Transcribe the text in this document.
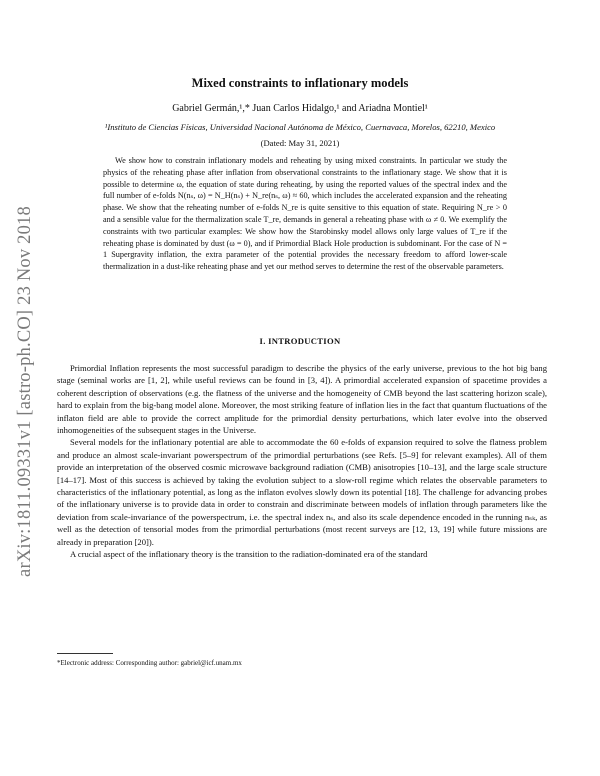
arXiv:1811.09331v1 [astro-ph.CO] 23 Nov 2018
Mixed constraints to inflationary models
Gabriel Germán,¹,* Juan Carlos Hidalgo,¹ and Ariadna Montiel¹
¹Instituto de Ciencias Físicas, Universidad Nacional Autónoma de México, Cuernavaca, Morelos, 62210, Mexico
(Dated: May 31, 2021)

We show how to constrain inflationary models and reheating by using mixed constraints. In particular we study the physics of the reheating phase after inflation from observational constraints to the inflationary stage. We show that it is possible to determine ω, the equation of state during reheating, by using the reported values of the spectral index and the full number of e-folds N(nₛ, ω) = N_H(nₛ) + N_re(nₛ, ω) ≈ 60, which includes the accelerated expansion and the reheating phase. We show that the reheating number of e-folds N_re is quite sensitive to this equation of state. Requiring N_re > 0 and a sensible value for the thermalization scale T_re, demands in general a reheating phase with ω ≠ 0. We exemplify the constraints with two particular examples: We show how the Starobinsky model allows only large values of T_re if the reheating phase is dominated by dust (ω = 0), and if Primordial Black Hole production is subdominant. For the case of N = 1 Supergravity inflation, the extra parameter of the potential provides the necessary freedom to afford lower-scale thermalization in a dust-like reheating phase and yet our method serves to determine the rest of the observable parameters.

I. INTRODUCTION

Primordial Inflation represents the most successful paradigm to describe the physics of the early universe, previous to the hot big bang stage (seminal works are [1, 2], while useful reviews can be found in [3, 4]). A primordial accelerated expansion of spacetime provides a coherent description of observations (e.g. the flatness of the universe and the homogeneity of CMB beyond the last scattering horizon scale), hard to explain from the big-bang model alone. Moreover, the most striking feature of inflation lies in the fact that quantum fluctuations of the inflaton field are able to provide the correct amplitude for the primordial density perturbations, which later evolve into the observed inhomogeneities of the subsequent stages in the Universe.

Several models for the inflationary potential are able to accommodate the 60 e-folds of expansion required to solve the flatness problem and produce an almost scale-invariant powerspectrum of the primordial perturbations (see Refs. [5–9] for relevant examples). All of them provide an interpretation of the observed cosmic microwave background radiation (CMB) anisotropies [10–13], and the large scale structure [14–17]. Most of this success is achieved by taking the evolution subject to a slow-roll regime which relates the observable parameters to characteristics of the inflationary potential, as long as the inflaton evolves slowly down its potential [18]. The challenge for advancing probes of the inflationary universe is to provide data in order to constrain and discriminate between models of inflation through parameters like the deviation from scale-invariance of the powerspectrum, i.e. the spectral index nₛ, and also its scale dependence encoded in the running nₛₖ, as well as the detection of tensorial modes from the primordial perturbations (most recent surveys are [12, 13, 19] while future missions are already in preparation [20]).

A crucial aspect of the inflationary theory is the transition to the radiation-dominated era of the standard

*Electronic address: Corresponding author: gabriel@icf.unam.mx
